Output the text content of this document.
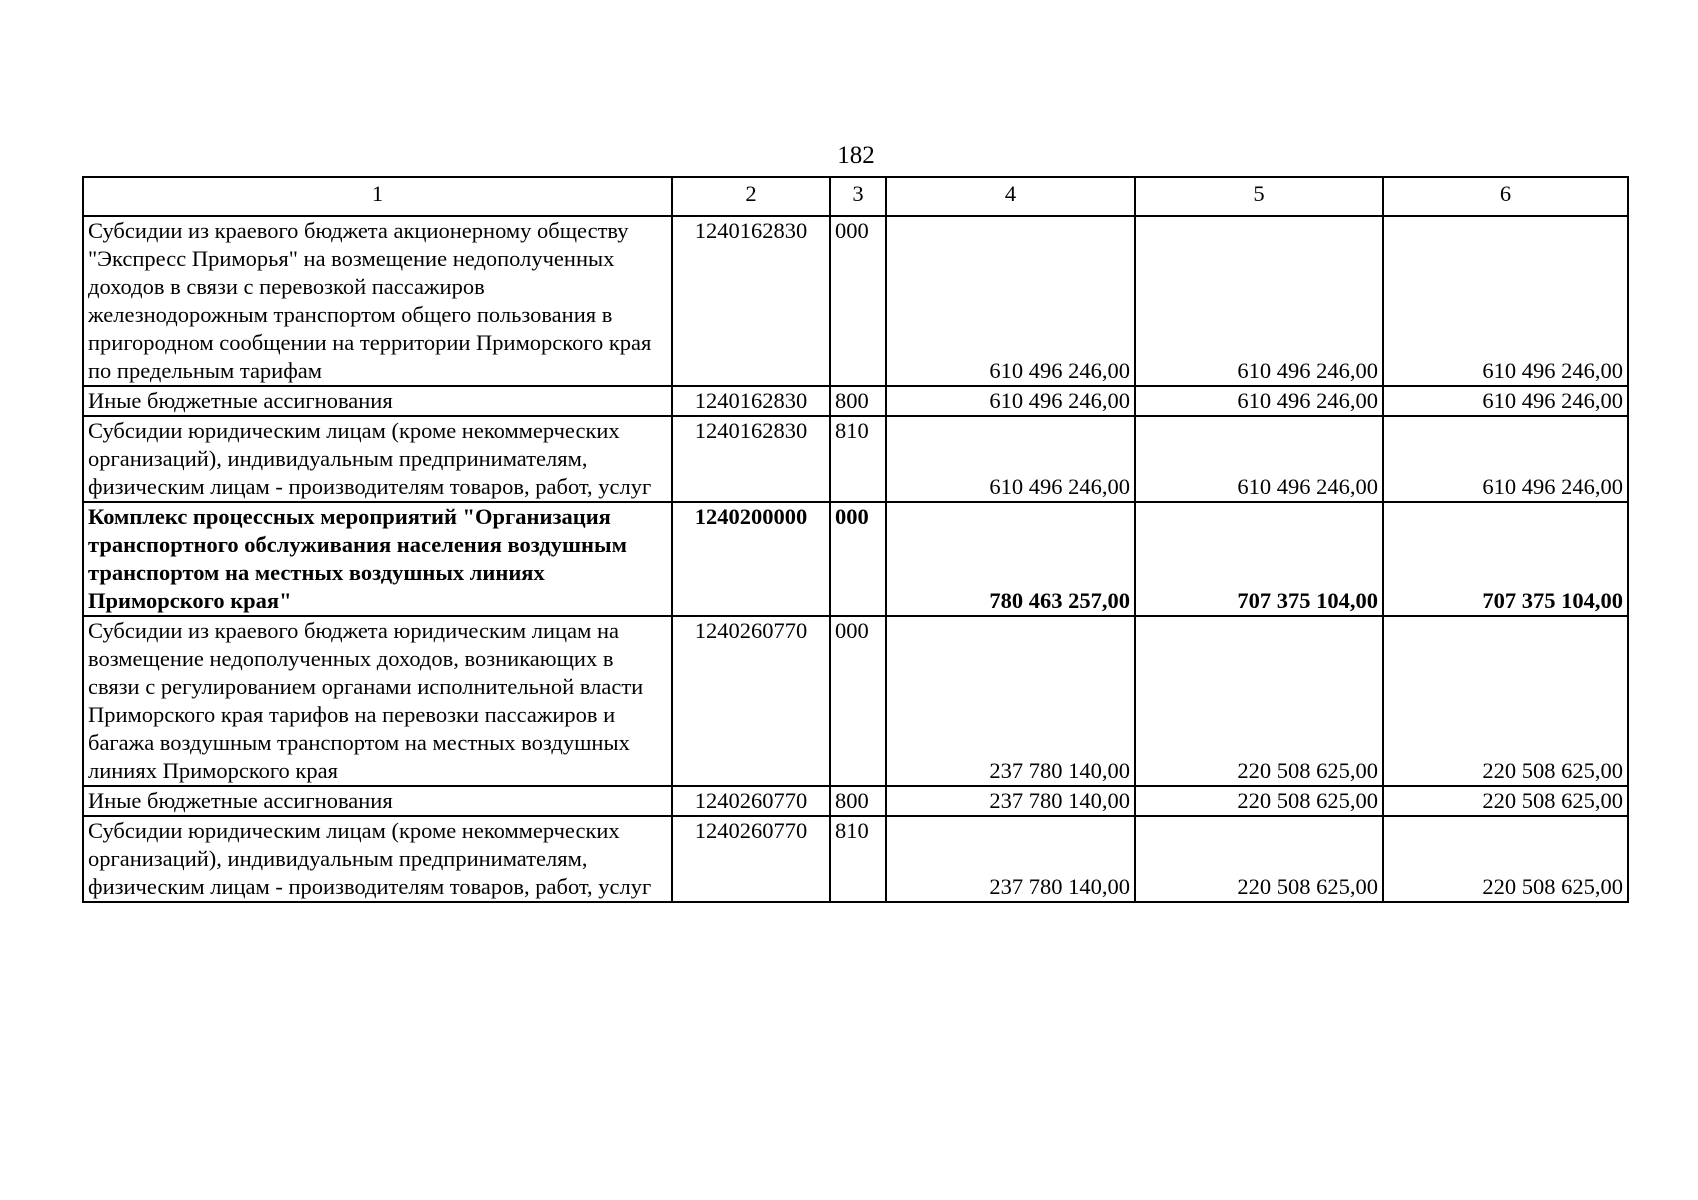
182
1	2	3	4	5	6
Субсидии из краевого бюджета акционерному обществу "Экспресс Приморья" на возмещение недополученных доходов в связи с перевозкой пассажиров железнодорожным транспортом общего пользования в пригородном сообщении на территории Приморского края по предельным тарифам	1240162830	000	610 496 246,00	610 496 246,00	610 496 246,00
Иные бюджетные ассигнования	1240162830	800	610 496 246,00	610 496 246,00	610 496 246,00
Субсидии юридическим лицам (кроме некоммерческих организаций), индивидуальным предпринимателям, физическим лицам - производителям товаров, работ, услуг	1240162830	810	610 496 246,00	610 496 246,00	610 496 246,00
Комплекс процессных мероприятий "Организация транспортного обслуживания населения воздушным транспортом на местных воздушных линиях Приморского края"	1240200000	000	780 463 257,00	707 375 104,00	707 375 104,00
Субсидии из краевого бюджета юридическим лицам на возмещение недополученных доходов, возникающих в связи с регулированием органами исполнительной власти Приморского края тарифов на перевозки пассажиров и багажа воздушным транспортом на местных воздушных линиях Приморского края	1240260770	000	237 780 140,00	220 508 625,00	220 508 625,00
Иные бюджетные ассигнования	1240260770	800	237 780 140,00	220 508 625,00	220 508 625,00
Субсидии юридическим лицам (кроме некоммерческих организаций), индивидуальным предпринимателям, физическим лицам - производителям товаров, работ, услуг	1240260770	810	237 780 140,00	220 508 625,00	220 508 625,00
